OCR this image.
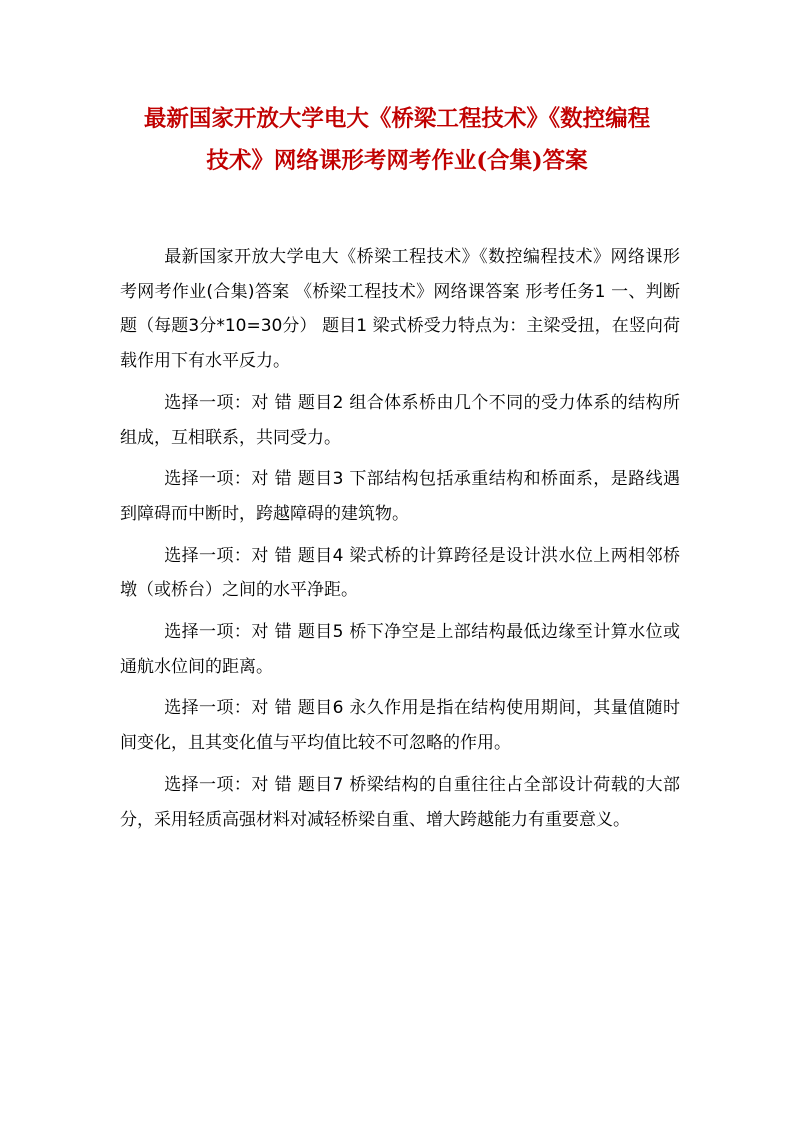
最新国家开放大学电大《桥梁工程技术》《数控编程
技术》网络课形考网考作业(合集)答案

最新国家开放大学电大《桥梁工程技术》《数控编程技术》网络课形考网考作业(合集)答案 《桥梁工程技术》网络课答案 形考任务1 一、判断题（每题3分*10=30分） 题目1 梁式桥受力特点为：主梁受扭，在竖向荷载作用下有水平反力。

选择一项：对 错 题目2 组合体系桥由几个不同的受力体系的结构所组成，互相联系，共同受力。

选择一项：对 错 题目3 下部结构包括承重结构和桥面系，是路线遇到障碍而中断时，跨越障碍的建筑物。

选择一项：对 错 题目4 梁式桥的计算跨径是设计洪水位上两相邻桥墩（或桥台）之间的水平净距。

选择一项：对 错 题目5 桥下净空是上部结构最低边缘至计算水位或通航水位间的距离。

选择一项：对 错 题目6 永久作用是指在结构使用期间，其量值随时间变化，且其变化值与平均值比较不可忽略的作用。

选择一项：对 错 题目7 桥梁结构的自重往往占全部设计荷载的大部分，采用轻质高强材料对减轻桥梁自重、增大跨越能力有重要意义。
